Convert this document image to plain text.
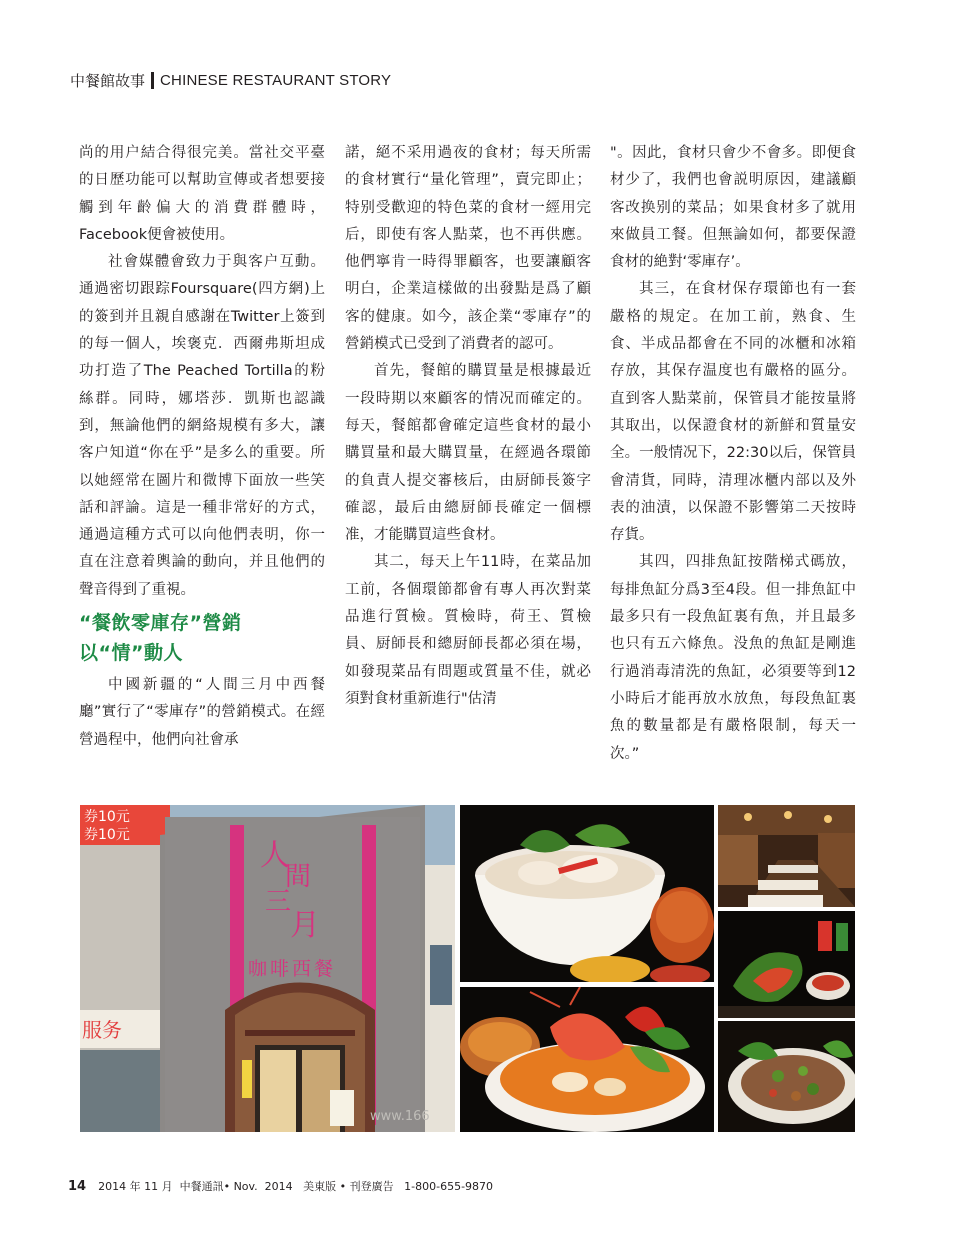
中餐館故事 CHINESE RESTAURANT STORY

尚的用户結合得很完美。當社交平臺的日歷功能可以幫助宣傳或者想要接觸到年齡偏大的消費群體時，Facebook便會被使用。

社會媒體會致力于與客户互動。通過密切跟踪Foursquare(四方網)上的簽到并且親自感謝在Twitter上簽到的每一個人，埃褒克．西爾弗斯坦成功打造了The Peached Tortilla的粉絲群。同時，娜塔莎．凱斯也認識到，無論他們的網絡規模有多大，讓客户知道“你在乎”是多么的重要。所以她經常在圖片和微博下面放一些笑話和評論。這是一種非常好的方式，通過這種方式可以向他們表明，你一直在注意着輿論的動向，并且他們的聲音得到了重視。

“餐飲零庫存”營銷以“情”動人

中國新疆的“人間三月中西餐廳”實行了“零庫存”的營銷模式。在經營過程中，他們向社會承

諾，絕不采用過夜的食材；每天所需的食材實行“量化管理”，賣完即止；特别受歡迎的特色菜的食材一經用完后，即使有客人點菜，也不再供應。他們寧肯一時得罪顧客，也要讓顧客明白，企業這樣做的出發點是爲了顧客的健康。如今，該企業“零庫存”的營銷模式已受到了消費者的認可。

首先，餐館的購買量是根據最近一段時期以來顧客的情况而確定的。每天，餐館都會確定這些食材的最小購買量和最大購買量，在經過各環節的負責人提交審核后，由厨師長簽字確認，最后由總厨師長確定一個標准，才能購買這些食材。

其二，每天上午11時，在菜品加工前，各個環節都會有專人再次對菜品進行質檢。質檢時，荷王、質檢員、厨師長和總厨師長都必須在場，如發現菜品有問題或質量不佳，就必須對食材重新進行"估清

"。因此，食材只會少不會多。即便食材少了，我們也會説明原因，建議顧客改换别的菜品；如果食材多了就用來做員工餐。但無論如何，都要保證食材的絶對‘零庫存’。

其三，在食材保存環節也有一套嚴格的規定。在加工前，熟食、生食、半成品都會在不同的冰櫃和冰箱存放，其保存温度也有嚴格的區分。直到客人點菜前，保管員才能按量將其取出，以保證食材的新鮮和質量安全。一般情况下，22:30以后，保管員會清貨，同時，清理冰櫃内部以及外表的油漬，以保證不影響第二天按時存貨。

其四，四排魚缸按階梯式碼放，每排魚缸分爲3至4段。但一排魚缸中最多只有一段魚缸裏有魚，并且最多也只有五六條魚。没魚的魚缸是剛進行過消毒清洗的魚缸，必須要等到12小時后才能再放水放魚，每段魚缸裏魚的數量都是有嚴格限制，每天一次。”

券10元
券10元
服务
人
間
三
月
咖啡西餐
www.166
14 2014 年 11 月
中餐通訊• Nov.  2014
美東版 • 刊登廣告
1-800-655-9870
